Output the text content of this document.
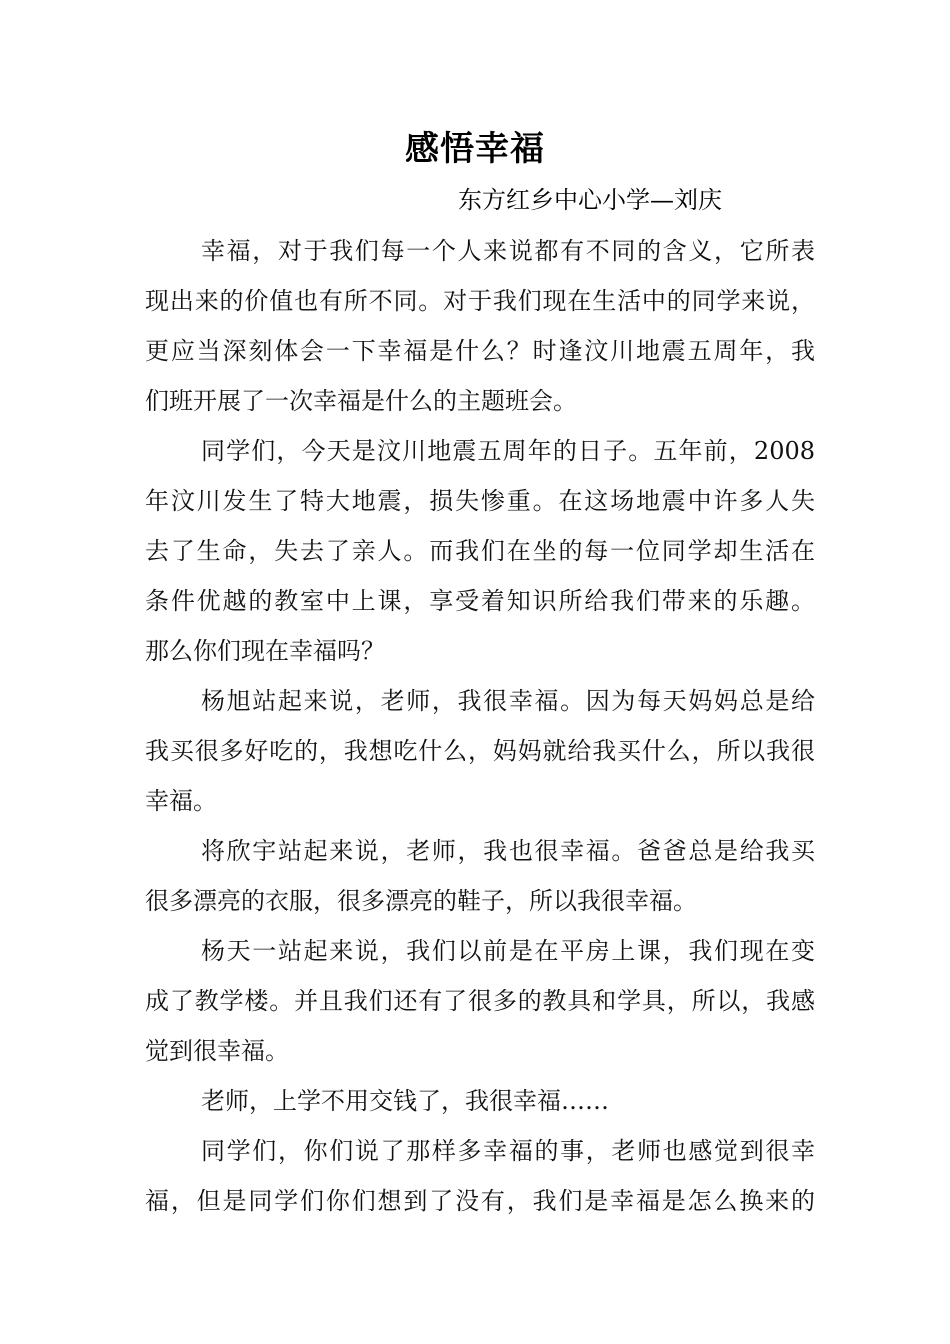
感悟幸福
东方红乡中心小学—刘庆
幸福，对于我们每一个人来说都有不同的含义，它所表
现出来的价值也有所不同。对于我们现在生活中的同学来说，
更应当深刻体会一下幸福是什么？时逢汶川地震五周年，我
们班开展了一次幸福是什么的主题班会。
同学们，今天是汶川地震五周年的日子。五年前，2008
年汶川发生了特大地震，损失惨重。在这场地震中许多人失
去了生命，失去了亲人。而我们在坐的每一位同学却生活在
条件优越的教室中上课，享受着知识所给我们带来的乐趣。
那么你们现在幸福吗？
杨旭站起来说，老师，我很幸福。因为每天妈妈总是给
我买很多好吃的，我想吃什么，妈妈就给我买什么，所以我很
幸福。
将欣宇站起来说，老师，我也很幸福。爸爸总是给我买
很多漂亮的衣服，很多漂亮的鞋子，所以我很幸福。
杨天一站起来说，我们以前是在平房上课，我们现在变
成了教学楼。并且我们还有了很多的教具和学具，所以，我感
觉到很幸福。
老师，上学不用交钱了，我很幸福……
同学们，你们说了那样多幸福的事，老师也感觉到很幸
福，但是同学们你们想到了没有，我们是幸福是怎么换来的
